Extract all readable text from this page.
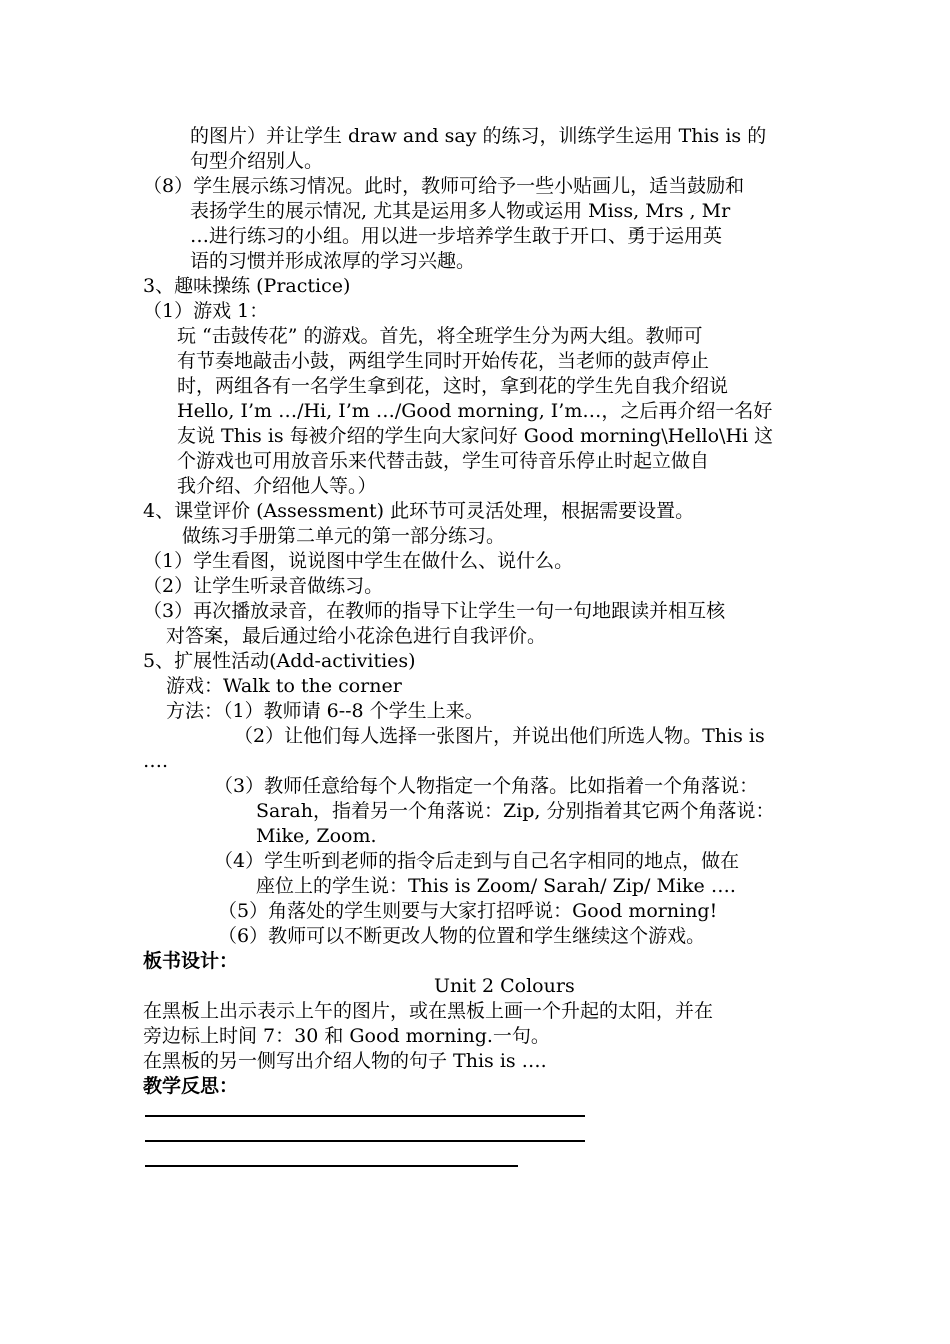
的图片）并让学生 draw and say 的练习，训练学生运用 This is 的
句型介绍别人。
（8）学生展示练习情况。此时，教师可给予一些小贴画儿，适当鼓励和
表扬学生的展示情况, 尤其是运用多人物或运用 Miss, Mrs , Mr
…进行练习的小组。用以进一步培养学生敢于开口、勇于运用英
语的习惯并形成浓厚的学习兴趣。
3、趣味操练 (Practice)
（1）游戏 1：
玩 “击鼓传花” 的游戏。首先，将全班学生分为两大组。教师可
有节奏地敲击小鼓，两组学生同时开始传花，当老师的鼓声停止
时，两组各有一名学生拿到花，这时，拿到花的学生先自我介绍说
Hello, I’m …/Hi, I’m …/Good morning, I’m…，之后再介绍一名好
友说 This is 每被介绍的学生向大家问好 Good morning\Hello\Hi 这
个游戏也可用放音乐来代替击鼓，学生可待音乐停止时起立做自
我介绍、介绍他人等。）
4、课堂评价 (Assessment) 此环节可灵活处理，根据需要设置。
做练习手册第二单元的第一部分练习。
（1）学生看图，说说图中学生在做什么、说什么。
（2）让学生听录音做练习。
（3）再次播放录音，在教师的指导下让学生一句一句地跟读并相互核
对答案，最后通过给小花涂色进行自我评价。
5、扩展性活动(Add-activities)
游戏：Walk to the corner
方法：（1）教师请 6--8 个学生上来。
（2）让他们每人选择一张图片，并说出他们所选人物。This is
….
（3）教师任意给每个人物指定一个角落。比如指着一个角落说：
Sarah，指着另一个角落说：Zip, 分别指着其它两个角落说：
Mike, Zoom.
（4）学生听到老师的指令后走到与自己名字相同的地点，做在
座位上的学生说：This is Zoom/ Sarah/ Zip/ Mike ….
（5）角落处的学生则要与大家打招呼说：Good morning!
（6）教师可以不断更改人物的位置和学生继续这个游戏。
板书设计：
Unit 2 Colours
在黑板上出示表示上午的图片，或在黑板上画一个升起的太阳，并在
旁边标上时间 7：30 和 Good morning.一句。
在黑板的另一侧写出介绍人物的句子 This is ….
教学反思：
